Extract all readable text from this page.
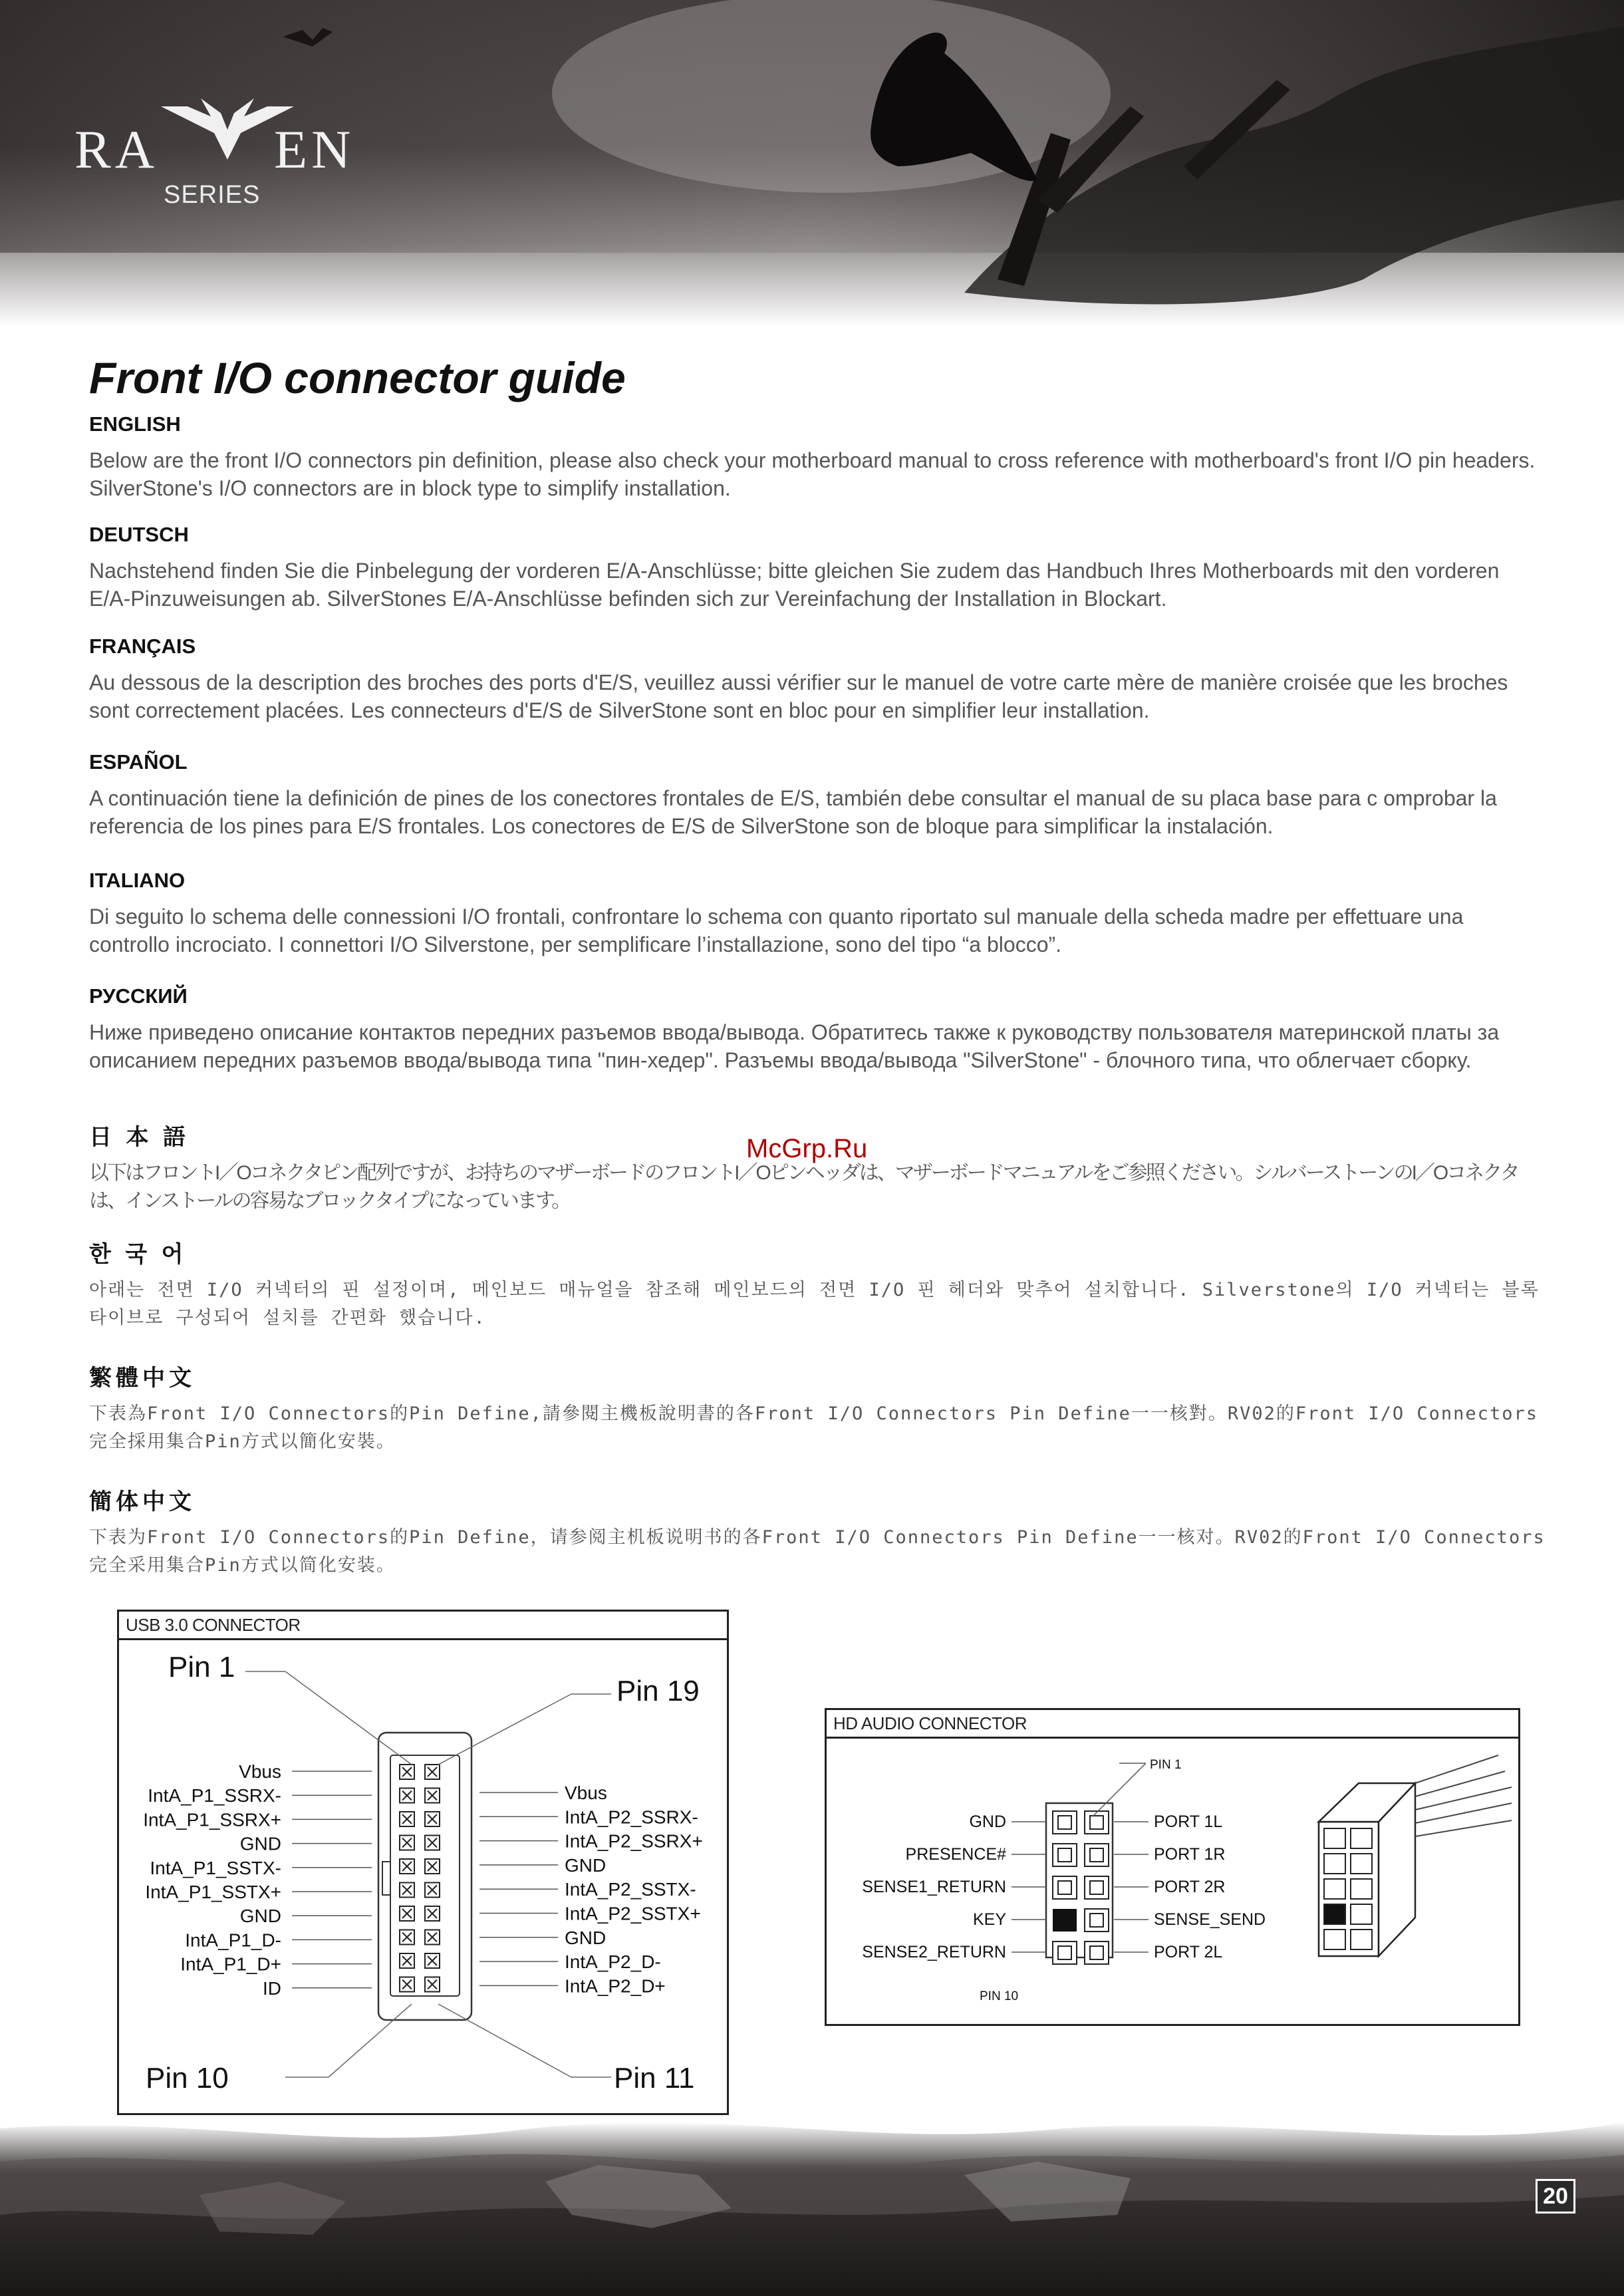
RA EN
SERIES
Front I/O connector guide
ENGLISH

Below are the front I/O connectors pin definition, please also check your motherboard manual to cross reference with motherboard's front I/O pin headers. SilverStone's I/O connectors are in block type to simplify installation.

DEUTSCH

Nachstehend finden Sie die Pinbelegung der vorderen E/A-Anschlüsse; bitte gleichen Sie zudem das Handbuch Ihres Motherboards mit den vorderen E/A-Pinzuweisungen ab. SilverStones E/A-Anschlüsse befinden sich zur Vereinfachung der Installation in Blockart.

FRANÇAIS

Au dessous de la description des broches des ports d'E/S, veuillez aussi vérifier sur le manuel de votre carte mère de manière croisée que les broches sont correctement placées. Les connecteurs d'E/S de SilverStone sont en bloc pour en simplifier leur installation.

ESPAÑOL

A continuación tiene la definición de pines de los conectores frontales de E/S, también debe consultar el manual de su placa base para c omprobar la referencia de los pines para E/S frontales. Los conectores de E/S de SilverStone son de bloque para simplificar la instalación.

ITALIANO

Di seguito lo schema delle connessioni I/O frontali, confrontare lo schema con quanto riportato sul manuale della scheda madre per effettuare una controllo incrociato. I connettori I/O Silverstone, per semplificare l’installazione, sono del tipo “a blocco”.

РУССКИЙ

Ниже приведено описание контактов передних разъемов ввода/вывода. Обратитесь также к руководству пользователя материнской платы за описанием передних разъемов ввода/вывода типа "пин-хедер". Разъемы ввода/вывода "SilverStone" - блочного типа, что облегчает сборку.

日 本 語

以下はフロントI／Oコネクタピン配列ですが、お持ちのマザーボードのフロントI／Oピンヘッダは、マザーボードマニュアルをご参照ください。シルバーストーンのI／Oコネクタは、インストールの容易なブロックタイプになっています。

한 국 어

아래는 전면 I/O 커넥터의 핀 설정이며, 메인보드 매뉴얼을 참조해 메인보드의 전면 I/O 핀 헤더와 맞추어 설치합니다. Silverstone의 I/O 커넥터는 블록 타이브로 구성되어 설치를 간편화 했습니다.

繁體中文

下表為Front I/O Connectors的Pin Define,請參閱主機板說明書的各Front I/O Connectors Pin Define一一核對。RV02的Front I/O Connectors完全採用集合Pin方式以簡化安裝。

簡体中文

下表为Front I/O Connectors的Pin Define，请参阅主机板说明书的各Front I/O Connectors Pin Define一一核对。RV02的Front I/O Connectors完全采用集合Pin方式以简化安装。

McGrp.Ru
USB 3.0 CONNECTOR
Vbus
IntA_P1_SSRX-
IntA_P1_SSRX+
GND
IntA_P1_SSTX-
IntA_P1_SSTX+
GND
IntA_P1_D-
IntA_P1_D+
ID
Vbus
IntA_P2_SSRX-
IntA_P2_SSRX+
GND
IntA_P2_SSTX-
IntA_P2_SSTX+
GND
IntA_P2_D-
IntA_P2_D+
Pin 1
Pin 19
Pin 10	Pin 11
HD AUDIO CONNECTOR
GND
PRESENCE#
SENSE1_RETURN
KEY
SENSE2_RETURN
PORT 1L
PORT 1R
PORT 2R
SENSE_SEND
PORT 2L
PIN 1
PIN 10
20
